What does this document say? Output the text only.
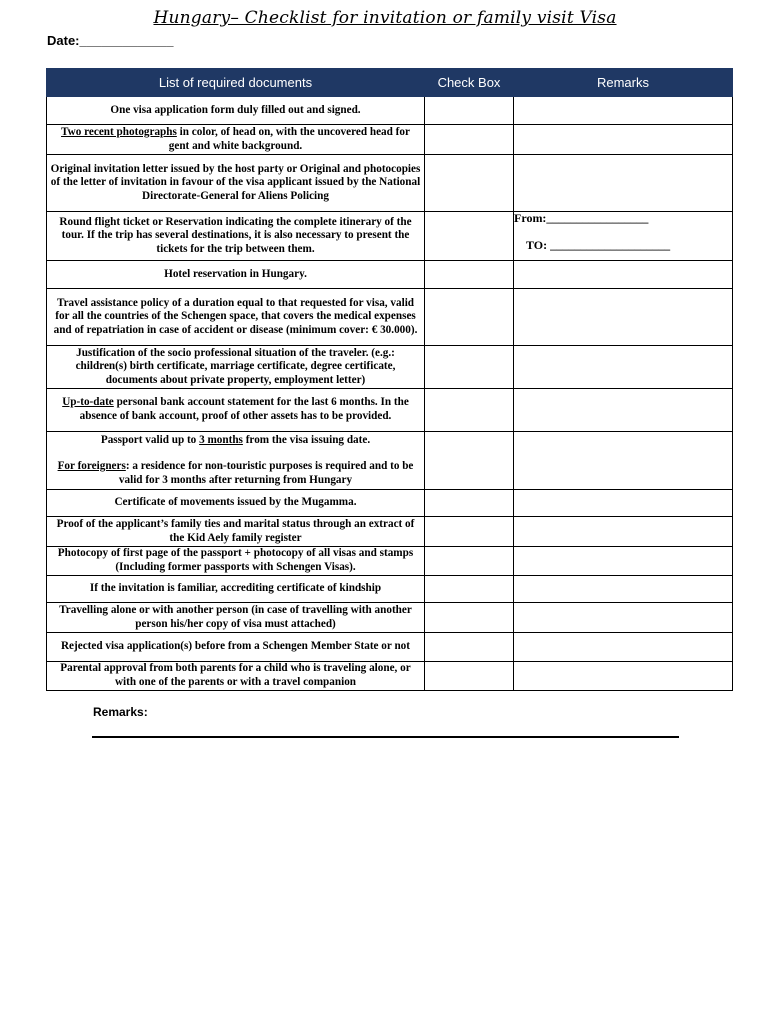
Hungary– Checklist for invitation or family visit Visa
Date:_____________
List of required documents	Check Box	Remarks
One visa application form duly filled out and signed.		
Two recent photographs in color, of head on, with the uncovered head for gent and white background.		
Original invitation letter issued by the host party or Original and photocopies of the letter of invitation in favour of the visa applicant issued by the National Directorate-General for Aliens Policing		
Round flight ticket or Reservation indicating the complete itinerary of the tour. If the trip has several destinations, it is also necessary to present the tickets for the trip between them.		From:_________________
TO: ____________________

Hotel reservation in Hungary.		
Travel assistance policy of a duration equal to that requested for visa, valid for all the countries of the Schengen space, that covers the medical expenses and of repatriation in case of accident or disease (minimum cover: € 30.000).		
Justification of the socio professional situation of the traveler. (e.g.: children(s) birth certificate, marriage certificate, degree certificate, documents about private property, employment letter)		
Up-to-date personal bank account statement for the last 6 months. In the absence of bank account, proof of other assets has to be provided.		
Passport valid up to 3 months from the visa issuing date.
For foreigners: a residence for non-touristic purposes is required and to be valid for 3 months after returning from Hungary		
Certificate of movements issued by the Mugamma.		
Proof of the applicant’s family ties and marital status through an extract of the Kid Aely family register		
Photocopy of first page of the passport + photocopy of all visas and stamps (Including former passports with Schengen Visas).		
If the invitation is familiar, accrediting certificate of kindship		
Travelling alone or with another person (in case of travelling with another person his/her copy of visa must attached)		
Rejected visa application(s) before from a Schengen Member State or not		
Parental approval from both parents for a child who is traveling alone, or with one of the parents or with a travel companion		
Remarks:
